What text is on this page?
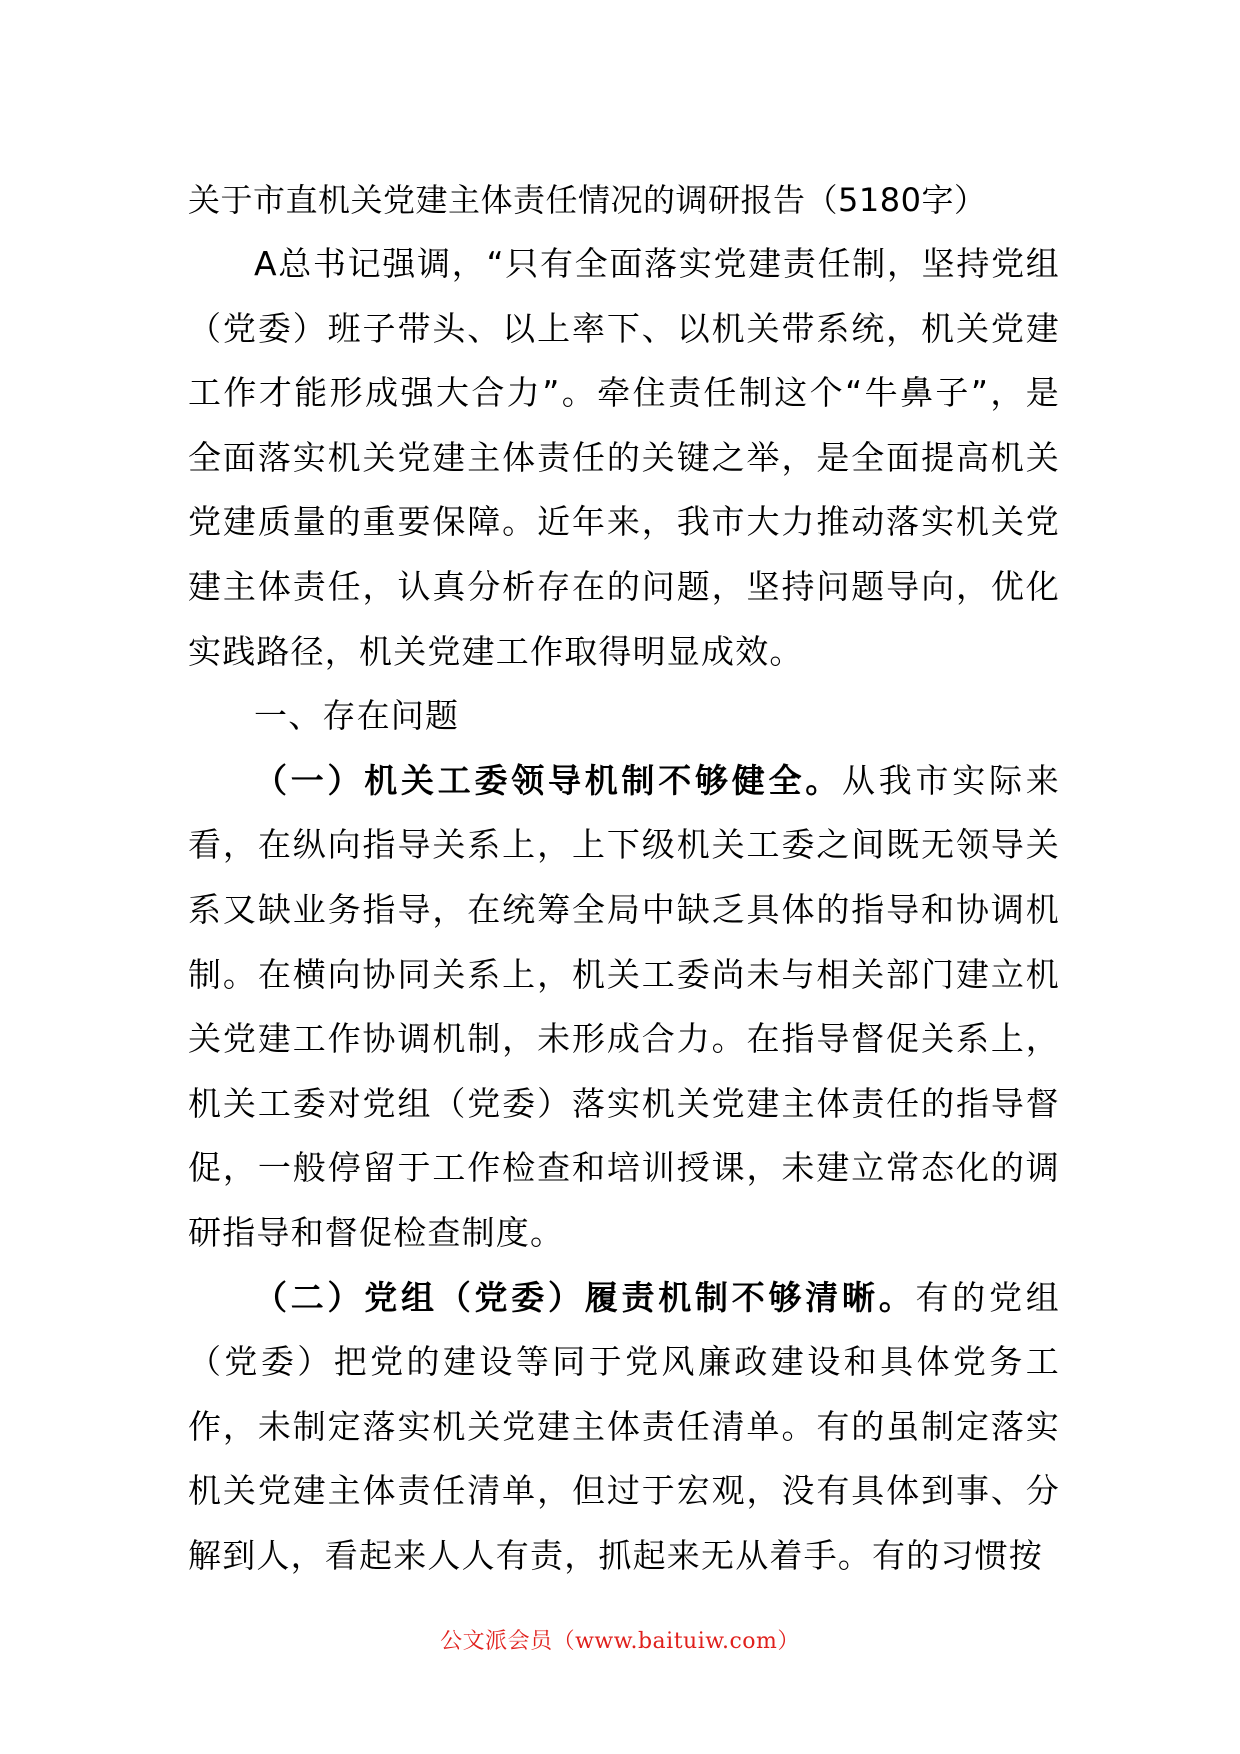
关于市直机关党建主体责任情况的调研报告（5180字）

A总书记强调，“只有全面落实党建责任制，坚持党组（党委）班子带头、以上率下、以机关带系统，机关党建工作才能形成强大合力”。牵住责任制这个“牛鼻子”，是全面落实机关党建主体责任的关键之举，是全面提高机关党建质量的重要保障。近年来，我市大力推动落实机关党建主体责任，认真分析存在的问题，坚持问题导向，优化实践路径，机关党建工作取得明显成效。

一、存在问题

（一）机关工委领导机制不够健全。从我市实际来看，在纵向指导关系上，上下级机关工委之间既无领导关系又缺业务指导，在统筹全局中缺乏具体的指导和协调机制。在横向协同关系上，机关工委尚未与相关部门建立机关党建工作协调机制，未形成合力。在指导督促关系上，机关工委对党组（党委）落实机关党建主体责任的指导督促，一般停留于工作检查和培训授课，未建立常态化的调研指导和督促检查制度。

（二）党组（党委）履责机制不够清晰。有的党组（党委）把党的建设等同于党风廉政建设和具体党务工作，未制定落实机关党建主体责任清单。有的虽制定落实机关党建主体责任清单，但过于宏观，没有具体到事、分解到人，看起来人人有责，抓起来无从着手。有的习惯按

公文派会员（www.baituiw.com）
